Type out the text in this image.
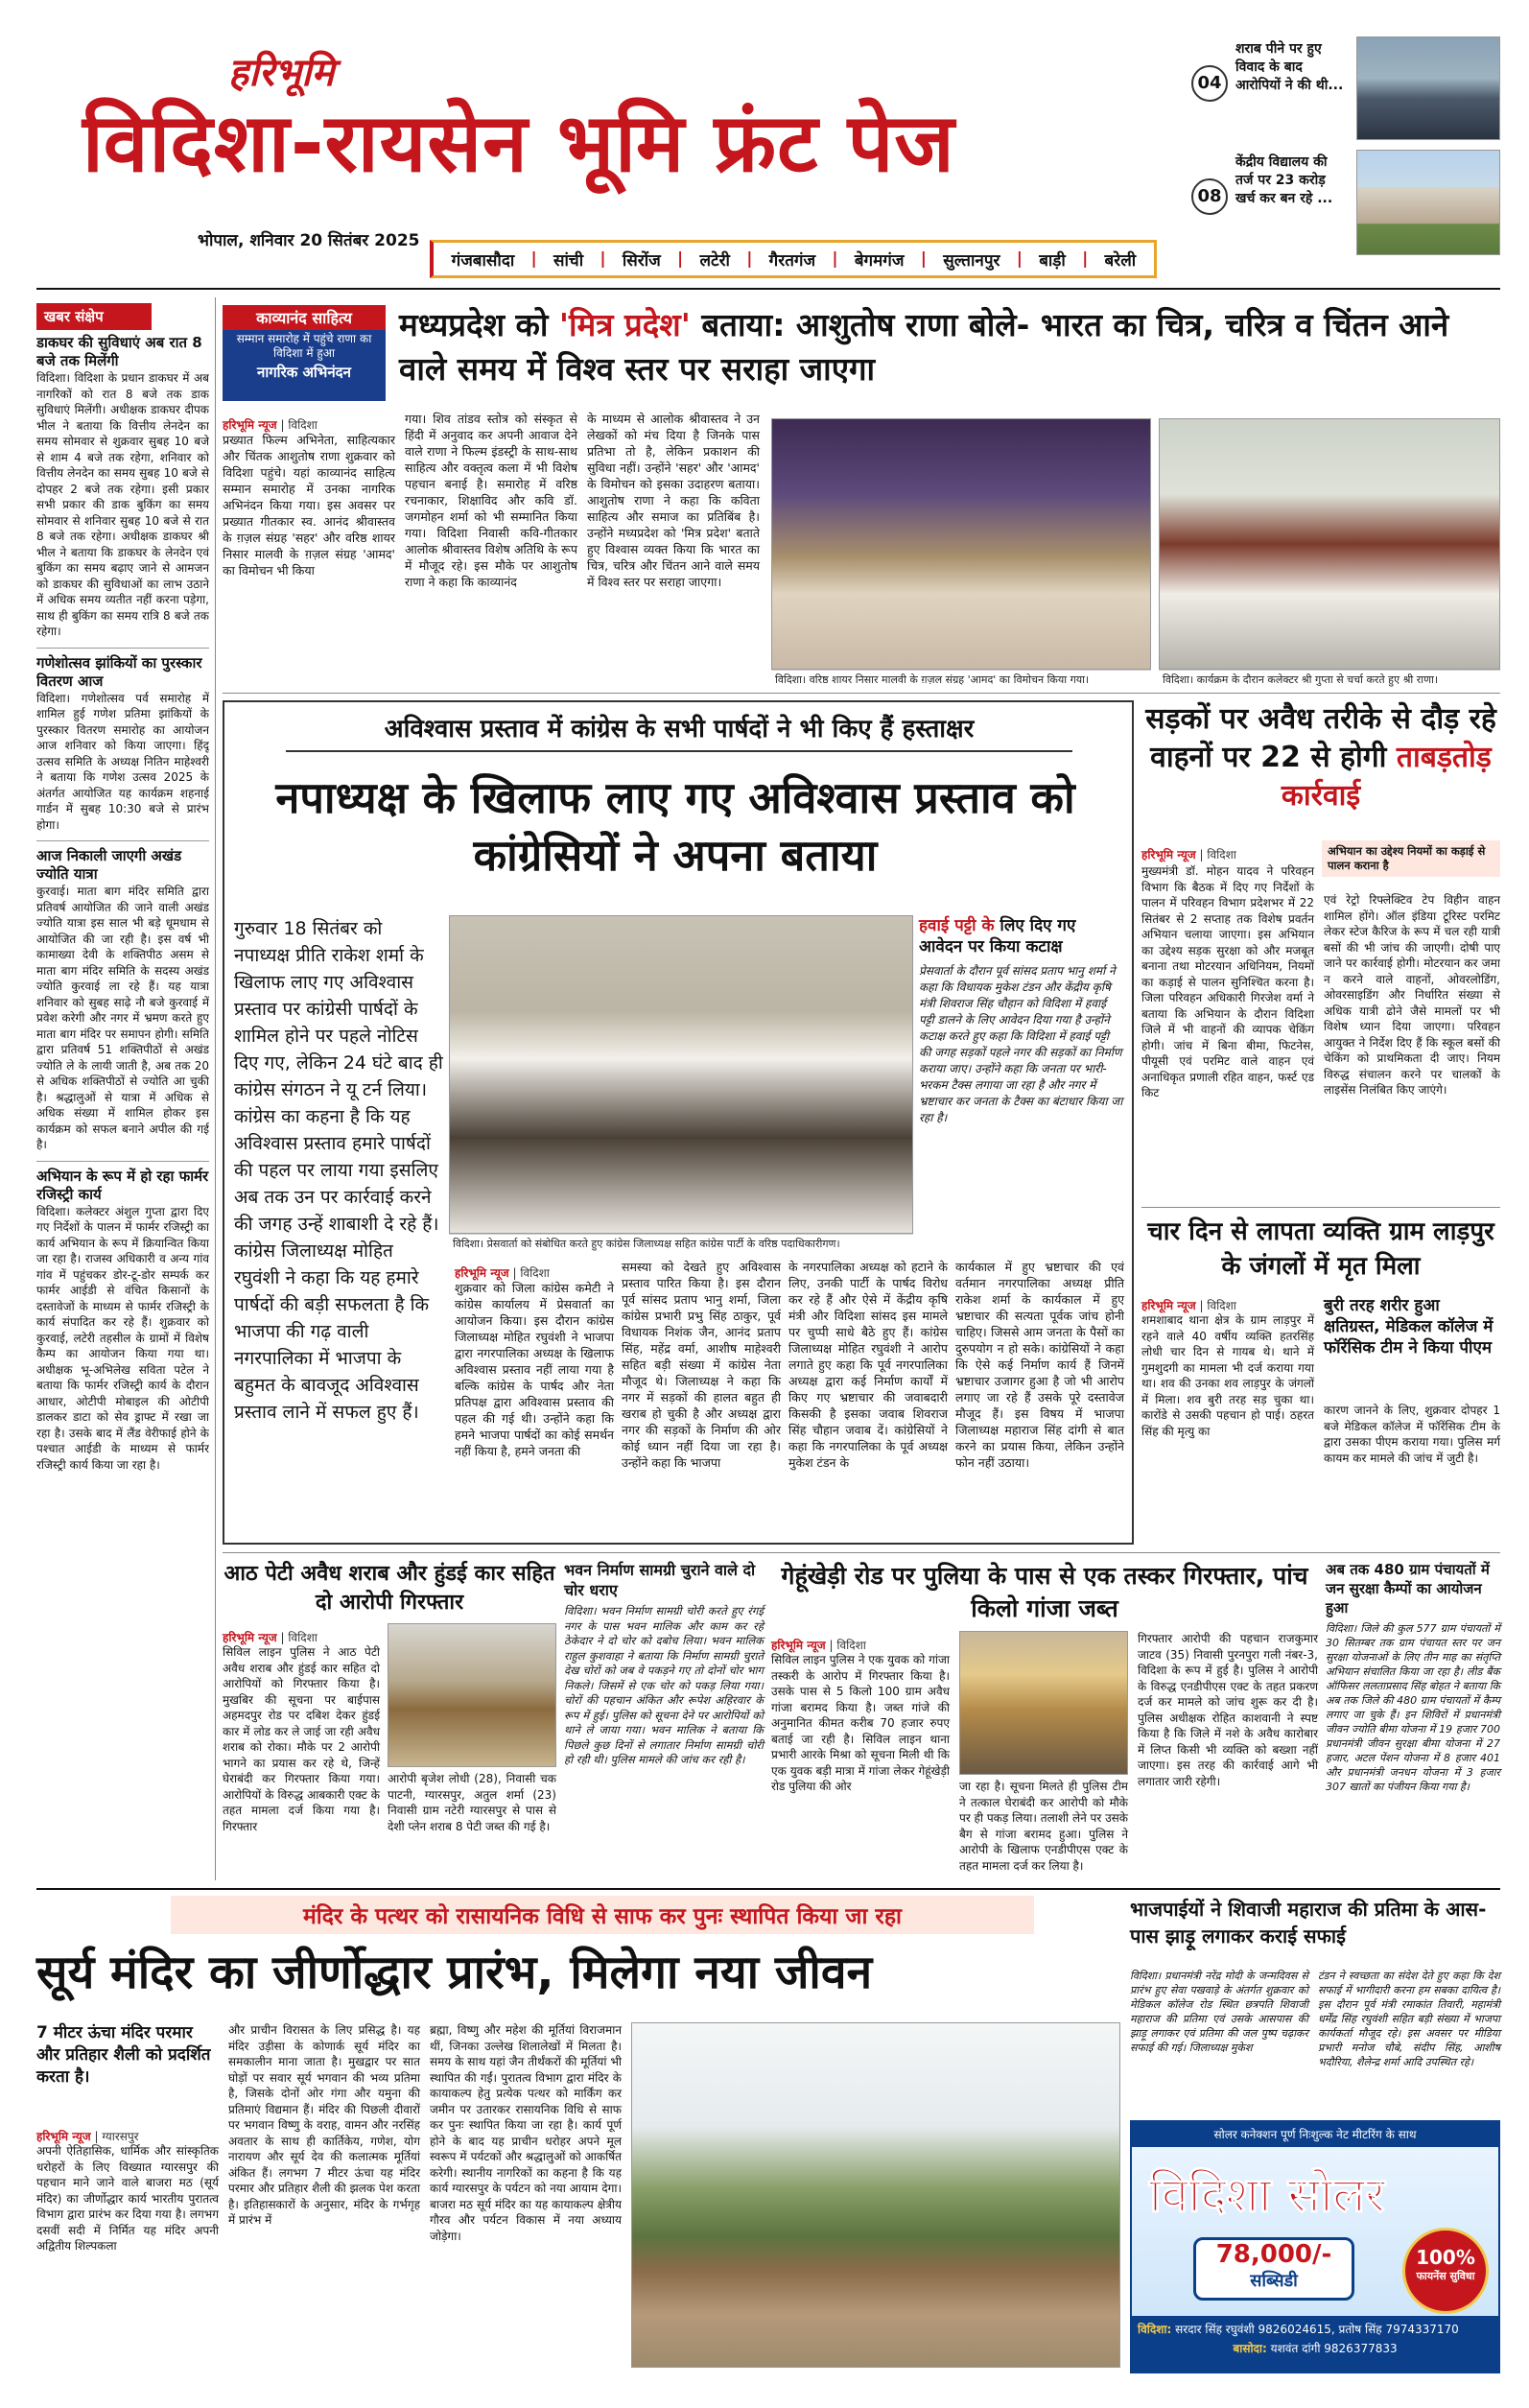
हरिभूमि
विदिशा-रायसेन भूमि फ्रंट पेज
भोपाल, शनिवार 20 सितंबर 2025
गंजबासौदा | सांची | सिरोंज | लटेरी | गैरतगंज | बेगमगंज | सुल्तानपुर | बाड़ी | बरेली
04
शराब पीने पर हुए विवाद के बाद आरोपियों ने की थी...
08
केंद्रीय विद्यालय की तर्ज पर 23 करोड़ खर्च कर बन रहे ...
खबर संक्षेप
डाकघर की सुविधाएं अब रात 8 बजे तक मिलेंगी
विदिशा। विदिशा के प्रधान डाकघर में अब नागरिकों को रात 8 बजे तक डाक सुविधाएं मिलेंगी। अधीक्षक डाकघर दीपक भील ने बताया कि वित्तीय लेनदेन का समय सोमवार से शुक्रवार सुबह 10 बजे से शाम 4 बजे तक रहेगा, शनिवार को वित्तीय लेनदेन का समय सुबह 10 बजे से दोपहर 2 बजे तक रहेगा। इसी प्रकार सभी प्रकार की डाक बुकिंग का समय सोमवार से शनिवार सुबह 10 बजे से रात 8 बजे तक रहेगा। अधीक्षक डाकघर श्री भील ने बताया कि डाकघर के लेनदेन एवं बुकिंग का समय बढ़ाए जाने से आमजन को डाकघर की सुविधाओं का लाभ उठाने में अधिक समय व्यतीत नहीं करना पड़ेगा, साथ ही बुकिंग का समय रात्रि 8 बजे तक रहेगा।
गणेशोत्सव झांकियों का पुरस्कार वितरण आज
विदिशा। गणेशोत्सव पर्व समारोह में शामिल हुई गणेश प्रतिमा झांकियों के पुरस्कार वितरण समारोह का आयोजन आज शनिवार को किया जाएगा। हिंदू उत्सव समिति के अध्यक्ष नितिन माहेश्वरी ने बताया कि गणेश उत्सव 2025 के अंतर्गत आयोजित यह कार्यक्रम शहनाई गार्डन में सुबह 10:30 बजे से प्रारंभ होगा।
आज निकाली जाएगी अखंड ज्योति यात्रा
कुरवाई। माता बाग मंदिर समिति द्वारा प्रतिवर्ष आयोजित की जाने वाली अखंड ज्योति यात्रा इस साल भी बड़े धूमधाम से आयोजित की जा रही है। इस वर्ष भी कामाख्या देवी के शक्तिपीठ असम से माता बाग मंदिर समिति के सदस्य अखंड ज्योति कुरवाई ला रहे हैं। यह यात्रा शनिवार को सुबह साढ़े नौ बजे कुरवाई में प्रवेश करेगी और नगर में भ्रमण करते हुए माता बाग मंदिर पर समापन होगी। समिति द्वारा प्रतिवर्ष 51 शक्तिपीठों से अखंड ज्योति ले के लायी जाती है, अब तक 20 से अधिक शक्तिपीठों से ज्योति आ चुकी है। श्रद्धालुओं से यात्रा में अधिक से अधिक संख्या में शामिल होकर इस कार्यक्रम को सफल बनाने अपील की गई है।
अभियान के रूप में हो रहा फार्मर रजिस्ट्री कार्य
विदिशा। कलेक्टर अंशुल गुप्ता द्वारा दिए गए निर्देशों के पालन में फार्मर रजिस्ट्री का कार्य अभियान के रूप में क्रियान्वित किया जा रहा है। राजस्व अधिकारी व अन्य गांव गांव में पहुंचकर डोर-टू-डोर सम्पर्क कर फार्मर आईडी से वंचित किसानों के दस्तावेजों के माध्यम से फार्मर रजिस्ट्री के कार्य संपादित कर रहे हैं। शुक्रवार को कुरवाई, लटेरी तहसील के ग्रामों में विशेष कैम्प का आयोजन किया गया था। अधीक्षक भू-अभिलेख सविता पटेल ने बताया कि फार्मर रजिस्ट्री कार्य के दौरान आधार, ओटीपी मोबाइल की ओटीपी डालकर डाटा को सेव ड्राफ्ट में रखा जा रहा है। उसके बाद में लैंड वेरीफाई होने के पश्चात आईडी के माध्यम से फार्मर रजिस्ट्री कार्य किया जा रहा है।
काव्यानंद साहित्य
सम्मान समारोह में पहुंचे राणा का विदिशा में हुआ
नागरिक अभिनंदन
मध्यप्रदेश को 'मित्र प्रदेश' बताया: आशुतोष राणा बोले- भारत का चित्र, चरित्र व चिंतन आने वाले समय में विश्व स्तर पर सराहा जाएगा
हरिभूमि न्यूज | विदिशा
प्रख्यात फिल्म अभिनेता, साहित्यकार और चिंतक आशुतोष राणा शुक्रवार को विदिशा पहुंचे। यहां काव्यानंद साहित्य सम्मान समारोह में उनका नागरिक अभिनंदन किया गया। इस अवसर पर प्रख्यात गीतकार स्व. आनंद श्रीवास्तव के ग़ज़ल संग्रह 'सहर' और वरिष्ठ शायर निसार मालवी के ग़ज़ल संग्रह 'आमद' का विमोचन भी किया
गया। शिव तांडव स्तोत्र को संस्कृत से हिंदी में अनुवाद कर अपनी आवाज देने वाले राणा ने फिल्म इंडस्ट्री के साथ-साथ साहित्य और वक्तृत्व कला में भी विशेष पहचान बनाई है। समारोह में वरिष्ठ रचनाकार, शिक्षाविद और कवि डॉ. जगमोहन शर्मा को भी सम्मानित किया गया। विदिशा निवासी कवि-गीतकार आलोक श्रीवास्तव विशेष अतिथि के रूप में मौजूद रहे। इस मौके पर आशुतोष राणा ने कहा कि काव्यानंद
के माध्यम से आलोक श्रीवास्तव ने उन लेखकों को मंच दिया है जिनके पास प्रतिभा तो है, लेकिन प्रकाशन की सुविधा नहीं। उन्होंने 'सहर' और 'आमद' के विमोचन को इसका उदाहरण बताया। आशुतोष राणा ने कहा कि कविता साहित्य और समाज का प्रतिबिंब है। उन्होंने मध्यप्रदेश को 'मित्र प्रदेश' बताते हुए विश्वास व्यक्त किया कि भारत का चित्र, चरित्र और चिंतन आने वाले समय में विश्व स्तर पर सराहा जाएगा।
विदिशा। वरिष्ठ शायर निसार मालवी के ग़ज़ल संग्रह 'आमद' का विमोचन किया गया।	विदिशा। कार्यक्रम के दौरान कलेक्टर श्री गुप्ता से चर्चा करते हुए श्री राणा।
अविश्वास प्रस्ताव में कांग्रेस के सभी पार्षदों ने भी किए हैं हस्ताक्षर
नपाध्यक्ष के खिलाफ लाए गए अविश्वास प्रस्ताव को कांग्रेसियों ने अपना बताया
गुरुवार 18 सितंबर को नपाध्यक्ष प्रीति राकेश शर्मा के खिलाफ लाए गए अविश्वास प्रस्ताव पर कांग्रेसी पार्षदों के शामिल होने पर पहले नोटिस दिए गए, लेकिन 24 घंटे बाद ही कांग्रेस संगठन ने यू टर्न लिया। कांग्रेस का कहना है कि यह अविश्वास प्रस्ताव हमारे पार्षदों की पहल पर लाया गया इसलिए अब तक उन पर कार्रवाई करने की जगह उन्हें शाबाशी दे रहे हैं। कांग्रेस जिलाध्यक्ष मोहित रघुवंशी ने कहा कि यह हमारे पार्षदों की बड़ी सफलता है कि भाजपा की गढ़ वाली नगरपालिका में भाजपा के बहुमत के बावजूद अविश्वास प्रस्ताव लाने में सफल हुए हैं।
विदिशा। प्रेसवार्ता को संबोधित करते हुए कांग्रेस जिलाध्यक्ष सहित कांग्रेस पार्टी के वरिष्ठ पदाधिकारीगण।
हवाई पट्टी के लिए दिए गए आवेदन पर किया कटाक्ष
प्रेसवार्ता के दौरान पूर्व सांसद प्रताप भानु शर्मा ने कहा कि विधायक मुकेश टंडन और केंद्रीय कृषि मंत्री शिवराज सिंह चौहान को विदिशा में हवाई पट्टी डालने के लिए आवेदन दिया गया है उन्होंने कटाक्ष करते हुए कहा कि विदिशा में हवाई पट्टी की जगह सड़कों पहले नगर की सड़कों का निर्माण कराया जाए। उन्होंने कहा कि जनता पर भारी-भरकम टैक्स लगाया जा रहा है और नगर में भ्रष्टाचार कर जनता के टैक्स का बंटाधार किया जा रहा है।
हरिभूमि न्यूज | विदिशा
शुक्रवार को जिला कांग्रेस कमेटी ने कांग्रेस कार्यालय में प्रेसवार्ता का आयोजन किया। इस दौरान कांग्रेस जिलाध्यक्ष मोहित रघुवंशी ने भाजपा द्वारा नगरपालिका अध्यक्ष के खिलाफ अविश्वास प्रस्ताव नहीं लाया गया है बल्कि कांग्रेस के पार्षद और नेता प्रतिपक्ष द्वारा अविश्वास प्रस्ताव की पहल की गई थी। उन्होंने कहा कि हमने भाजपा पार्षदों का कोई समर्थन नहीं किया है, हमने जनता की
समस्या को देखते हुए अविश्वास प्रस्ताव पारित किया है। इस दौरान पूर्व सांसद प्रताप भानु शर्मा, जिला कांग्रेस प्रभारी प्रभु सिंह ठाकुर, पूर्व विधायक निशंक जैन, आनंद प्रताप सिंह, महेंद्र वर्मा, आशीष माहेश्वरी सहित बड़ी संख्या में कांग्रेस नेता मौजूद थे। जिलाध्यक्ष ने कहा कि नगर में सड़कों की हालत बहुत ही खराब हो चुकी है और अध्यक्ष द्वारा नगर की सड़कों के निर्माण की ओर कोई ध्यान नहीं दिया जा रहा है। उन्होंने कहा कि भाजपा
के नगरपालिका अध्यक्ष को हटाने के लिए, उनकी पार्टी के पार्षद विरोध कर रहे हैं और ऐसे में केंद्रीय कृषि मंत्री और विदिशा सांसद इस मामले पर चुप्पी साधे बैठे हुए हैं। कांग्रेस जिलाध्यक्ष मोहित रघुवंशी ने आरोप लगाते हुए कहा कि पूर्व नगरपालिका अध्यक्ष द्वारा कई निर्माण कार्यों में किए गए भ्रष्टाचार की जवाबदारी किसकी है इसका जवाब शिवराज सिंह चौहान जवाब दें। कांग्रेसियों ने कहा कि नगरपालिका के पूर्व अध्यक्ष मुकेश टंडन के
कार्यकाल में हुए भ्रष्टाचार की एवं वर्तमान नगरपालिका अध्यक्ष प्रीति राकेश शर्मा के कार्यकाल में हुए भ्रष्टाचार की सत्यता पूर्वक जांच होनी चाहिए। जिससे आम जनता के पैसों का दुरुपयोग न हो सके। कांग्रेसियों ने कहा कि ऐसे कई निर्माण कार्य हैं जिनमें भ्रष्टाचार उजागर हुआ है जो भी आरोप लगाए जा रहे हैं उसके पूरे दस्तावेज मौजूद हैं। इस विषय में भाजपा जिलाध्यक्ष महाराज सिंह दांगी से बात करने का प्रयास किया, लेकिन उन्होंने फोन नहीं उठाया।
सड़कों पर अवैध तरीके से दौड़ रहे वाहनों पर 22 से होगी ताबड़तोड़ कार्रवाई
हरिभूमि न्यूज | विदिशा	अभियान का उद्देश्य नियमों का कड़ाई से पालन कराना है
मुख्यमंत्री डॉ. मोहन यादव ने परिवहन विभाग कि बैठक में दिए गए निर्देशों के पालन में परिवहन विभाग प्रदेशभर में 22 सितंबर से 2 सप्ताह तक विशेष प्रवर्तन अभियान चलाया जाएगा। इस अभियान का उद्देश्य सड़क सुरक्षा को और मजबूत बनाना तथा मोटरयान अधिनियम, नियमों का कड़ाई से पालन सुनिश्चित करना है। जिला परिवहन अधिकारी गिरजेश वर्मा ने बताया कि अभियान के दौरान विदिशा जिले में भी वाहनों की व्यापक चेकिंग होगी। जांच में बिना बीमा, फिटनेस, पीयूसी एवं परमिट वाले वाहन एवं अनाधिकृत प्रणाली रहित वाहन, फर्स्ट एड किट
एवं रेट्रो रिफ्लेक्टिव टेप विहीन वाहन शामिल होंगे। ऑल इंडिया टूरिस्ट परमिट लेकर स्टेज कैरिज के रूप में चल रही यात्री बसों की भी जांच की जाएगी। दोषी पाए जाने पर कार्रवाई होगी। मोटरयान कर जमा न करने वाले वाहनों, ओवरलोडिंग, ओवरसाइडिंग और निर्धारित संख्या से अधिक यात्री ढोने जैसे मामलों पर भी विशेष ध्यान दिया जाएगा। परिवहन आयुक्त ने निर्देश दिए हैं कि स्कूल बसों की चेकिंग को प्राथमिकता दी जाए। नियम विरुद्ध संचालन करने पर चालकों के लाइसेंस निलंबित किए जाएंगे।
चार दिन से लापता व्यक्ति ग्राम लाड़पुर के जंगलों में मृत मिला
हरिभूमि न्यूज | विदिशा
शमशाबाद थाना क्षेत्र के ग्राम लाड़पुर में रहने वाले 40 वर्षीय व्यक्ति हतरसिंह लोधी चार दिन से गायब थे। थाने में गुमशुदगी का मामला भी दर्ज कराया गया था। शव की उनका शव लाड़पुर के जंगलों में मिला। शव बुरी तरह सड़ चुका था। कारोंडे से उसकी पहचान हो पाई। ठहरत सिंह की मृत्यु का
बुरी तरह शरीर हुआ क्षतिग्रस्त, मेडिकल कॉलेज में फॉरेंसिक टीम ने किया पीएम
कारण जानने के लिए, शुक्रवार दोपहर 1 बजे मेडिकल कॉलेज में फॉरेंसिक टीम के द्वारा उसका पीएम कराया गया। पुलिस मर्ग कायम कर मामले की जांच में जुटी है।
आठ पेटी अवैध शराब और हुंडई कार सहित दो आरोपी गिरफ्तार
हरिभूमि न्यूज | विदिशा
सिविल लाइन पुलिस ने आठ पेटी अवैध शराब और हुंडई कार सहित दो आरोपियों को गिरफ्तार किया है। मुखबिर की सूचना पर बाईपास अहमदपुर रोड पर दबिश देकर हुंडई कार में लोड कर ले जाई जा रही अवैध शराब को रोका। मौके पर 2 आरोपी भागने का प्रयास कर रहे थे, जिन्हें घेराबंदी कर गिरफ्तार किया गया। आरोपियों के विरुद्ध आबकारी एक्ट के तहत मामला दर्ज किया गया है। गिरफ्तार
आरोपी बृजेश लोधी (28), निवासी चक पाटनी, ग्यारसपुर, अतुल शर्मा (23) निवासी ग्राम नटेरी ग्यारसपुर से पास से देशी प्लेन शराब 8 पेटी जब्त की गई है।
भवन निर्माण सामग्री चुराने वाले दो चोर धराए
विदिशा। भवन निर्माण सामग्री चोरी करते हुए रंगई नगर के पास भवन मालिक और काम कर रहे ठेकेदार ने दो चोर को दबोच लिया। भवन मालिक राहुल कुशवाहा ने बताया कि निर्माण सामग्री चुराते देख चोरों को जब वे पकड़ने गए तो दोनों चोर भाग निकले। जिसमें से एक चोर को पकड़ लिया गया। चोरों की पहचान अंकित और रूपेश अहिरवार के रूप में हुई। पुलिस को सूचना देने पर आरोपियों को थाने ले जाया गया। भवन मालिक ने बताया कि पिछले कुछ दिनों से लगातार निर्माण सामग्री चोरी हो रही थी। पुलिस मामले की जांच कर रही है।
गेहूंखेड़ी रोड पर पुलिया के पास से एक तस्कर गिरफ्तार, पांच किलो गांजा जब्त
हरिभूमि न्यूज | विदिशा
सिविल लाइन पुलिस ने एक युवक को गांजा तस्करी के आरोप में गिरफ्तार किया है। उसके पास से 5 किलो 100 ग्राम अवैध गांजा बरामद किया है। जब्त गांजे की अनुमानित कीमत करीब 70 हजार रुपए बताई जा रही है। सिविल लाइन थाना प्रभारी आरके मिश्रा को सूचना मिली थी कि एक युवक बड़ी मात्रा में गांजा लेकर गेहूंखेड़ी रोड पुलिया की ओर	जा रहा है। सूचना मिलते ही पुलिस टीम ने तत्काल घेराबंदी कर आरोपी को मौके पर ही पकड़ लिया। तलाशी लेने पर उसके बैग से गांजा बरामद हुआ। पुलिस ने आरोपी के खिलाफ एनडीपीएस एक्ट के तहत मामला दर्ज कर लिया है।
गिरफ्तार आरोपी की पहचान राजकुमार जाटव (35) निवासी पुरनपुरा गली नंबर-3, विदिशा के रूप में हुई है। पुलिस ने आरोपी के विरुद्ध एनडीपीएस एक्ट के तहत प्रकरण दर्ज कर मामले को जांच शुरू कर दी है। पुलिस अधीक्षक रोहित काशवानी ने स्पष्ट किया है कि जिले में नशे के अवैध कारोबार में लिप्त किसी भी व्यक्ति को बख्शा नहीं जाएगा। इस तरह की कार्रवाई आगे भी लगातार जारी रहेगी।
अब तक 480 ग्राम पंचायतों में जन सुरक्षा कैम्पों का आयोजन हुआ
विदिशा। जिले की कुल 577 ग्राम पंचायतों में 30 सितम्बर तक ग्राम पंचायत स्तर पर जन सुरक्षा योजनाओं के लिए तीन माह का संतृप्ति अभियान संचालित किया जा रहा है। लीड बैंक ऑफिसर ललताप्रसाद सिंह बोहत ने बताया कि अब तक जिले की 480 ग्राम पंचायतों में कैम्प लगाए जा चुके हैं। इन शिविरों में प्रधानमंत्री जीवन ज्योति बीमा योजना में 19 हजार 700 प्रधानमंत्री जीवन सुरक्षा बीमा योजना में 27 हजार, अटल पेंशन योजना में 8 हजार 401 और प्रधानमंत्री जनधन योजना में 3 हजार 307 खातों का पंजीयन किया गया है।
मंदिर के पत्थर को रासायनिक विधि से साफ कर पुनः स्थापित किया जा रहा
सूर्य मंदिर का जीर्णोद्धार प्रारंभ, मिलेगा नया जीवन
7 मीटर ऊंचा मंदिर परमार और प्रतिहार शैली को प्रदर्शित करता है।
हरिभूमि न्यूज | ग्यारसपुर
अपनी ऐतिहासिक, धार्मिक और सांस्कृतिक धरोहरों के लिए विख्यात ग्यारसपुर की पहचान माने जाने वाले बाजरा मठ (सूर्य मंदिर) का जीर्णोद्धार कार्य भारतीय पुरातत्व विभाग द्वारा प्रारंभ कर दिया गया है। लगभग दसवीं सदी में निर्मित यह मंदिर अपनी अद्वितीय शिल्पकला
और प्राचीन विरासत के लिए प्रसिद्ध है। यह मंदिर उड़ीसा के कोणार्क सूर्य मंदिर का समकालीन माना जाता है। मुखद्वार पर सात घोड़ों पर सवार सूर्य भगवान की भव्य प्रतिमा है, जिसके दोनों ओर गंगा और यमुना की प्रतिमाएं विद्यमान हैं। मंदिर की पिछली दीवारों पर भगवान विष्णु के वराह, वामन और नरसिंह अवतार के साथ ही कार्तिकेय, गणेश, योग नारायण और सूर्य देव की कलात्मक मूर्तियां अंकित हैं। लगभग 7 मीटर ऊंचा यह मंदिर परमार और प्रतिहार शैली की झलक पेश करता है। इतिहासकारों के अनुसार, मंदिर के गर्भगृह में प्रारंभ में
ब्रह्मा, विष्णु और महेश की मूर्तियां विराजमान थीं, जिनका उल्लेख शिलालेखों में मिलता है। समय के साथ यहां जैन तीर्थंकरों की मूर्तियां भी स्थापित की गईं। पुरातत्व विभाग द्वारा मंदिर के कायाकल्प हेतु प्रत्येक पत्थर को मार्किंग कर जमीन पर उतारकर रासायनिक विधि से साफ कर पुनः स्थापित किया जा रहा है। कार्य पूर्ण होने के बाद यह प्राचीन धरोहर अपने मूल स्वरूप में पर्यटकों और श्रद्धालुओं को आकर्षित करेगी। स्थानीय नागरिकों का कहना है कि यह कार्य ग्यारसपुर के पर्यटन को नया आयाम देगा। बाजरा मठ सूर्य मंदिर का यह कायाकल्प क्षेत्रीय गौरव और पर्यटन विकास में नया अध्याय जोड़ेगा।
भाजपाईयों ने शिवाजी महाराज की प्रतिमा के आस-पास झाड़ू लगाकर कराई सफाई
विदिशा। प्रधानमंत्री नरेंद्र मोदी के जन्मदिवस से प्रारंभ हुए सेवा पखवाड़े के अंतर्गत शुक्रवार को मेडिकल कॉलेज रोड स्थित छत्रपति शिवाजी महाराज की प्रतिमा एवं उसके आसपास की झाड़ू लगाकर एवं प्रतिमा की जल पुष्प चढ़ाकर सफाई की गई। जिलाध्यक्ष मुकेश
टंडन ने स्वच्छता का संदेश देते हुए कहा कि देश सफाई में भागीदारी करना हम सबका दायित्व है। इस दौरान पूर्व मंत्री रमाकांत तिवारी, महामंत्री धर्मेंद्र सिंह रघुवंशी सहित बड़ी संख्या में भाजपा कार्यकर्ता मौजूद रहे। इस अवसर पर मीडिया प्रभारी मनोज चौबे, संदीप सिंह, आशीष भदौरिया, शैलेन्द्र शर्मा आदि उपस्थित रहे।
सोलर कनेक्शन पूर्ण निःशुल्क नेट मीटरिंग के साथ
विदिशा सोलर
78,000/-
सब्सिडी
100%
फायनेंस सुविधा
विदिशा: सरदार सिंह रघुवंशी 9826024615, प्रतोष सिंह 7974337170
बासोदा: यशवंत दांगी 9826377833
